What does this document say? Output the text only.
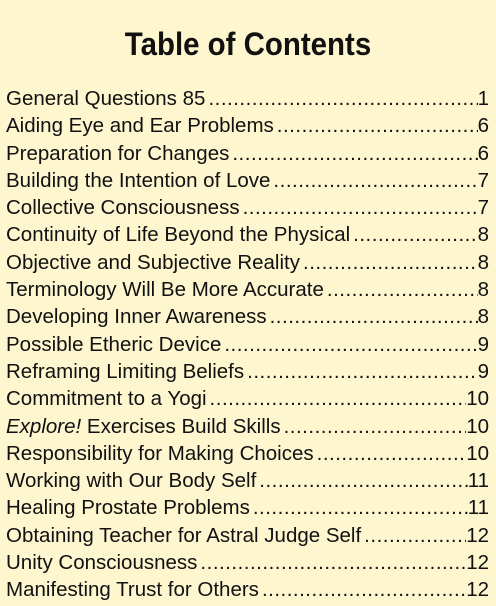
Table of Contents
General Questions 85 .....	1
Aiding Eye and Ear Problems .....	6
Preparation for Changes .....	6
Building the Intention of Love .....	7
Collective Consciousness .....	7
Continuity of Life Beyond the Physical .....	8
Objective and Subjective Reality .....	8
Terminology Will Be More Accurate .....	8
Developing Inner Awareness .....	8
Possible Etheric Device .....	9
Reframing Limiting Beliefs .....	9
Commitment to a Yogi .....	10
Explore! Exercises Build Skills .....	10
Responsibility for Making Choices .....	10
Working with Our Body Self .....	11
Healing Prostate Problems .....	11
Obtaining Teacher for Astral Judge Self .....	12
Unity Consciousness .....	12
Manifesting Trust for Others .....	12
